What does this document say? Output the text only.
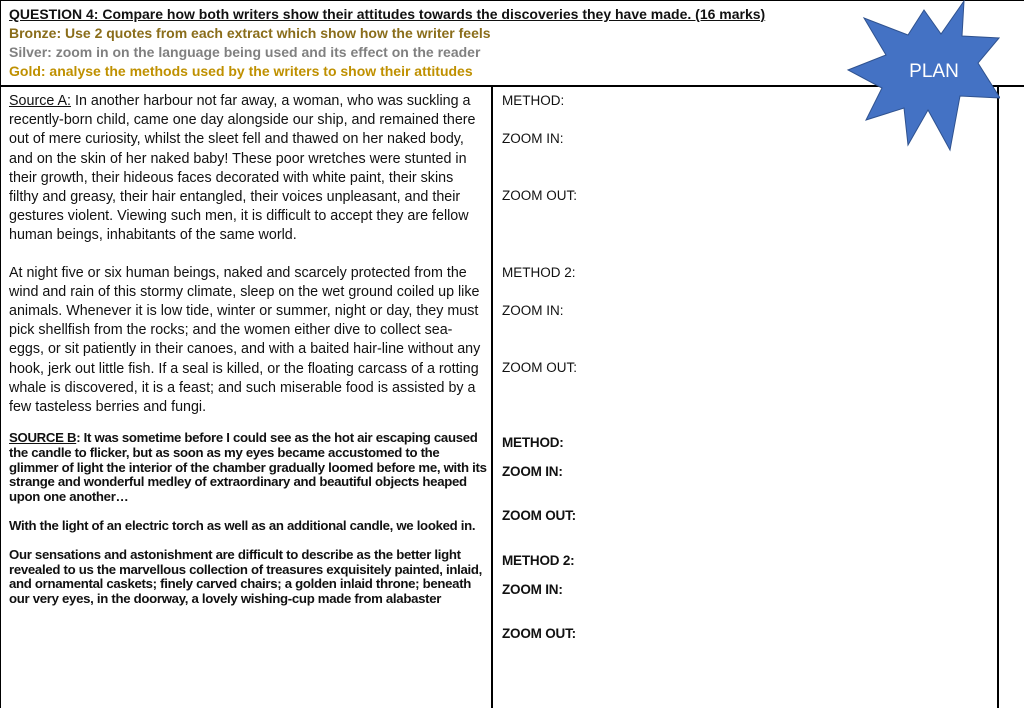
QUESTION 4: Compare how both writers show their attitudes towards the discoveries they have made. (16 marks)
Bronze: Use 2 quotes from each extract which show how the writer feels
Silver: zoom in on the language being used and its effect on the reader
Gold: analyse the methods used by the writers to show their attitudes

Source A: In another harbour not far away, a woman, who was suckling a recently-born child, came one day alongside our ship, and remained there out of mere curiosity, whilst the sleet fell and thawed on her naked body, and on the skin of her naked baby! These poor wretches were stunted in their growth, their hideous faces decorated with white paint, their skins filthy and greasy, their hair entangled, their voices unpleasant, and their gestures violent. Viewing such men, it is difficult to accept they are fellow human beings, inhabitants of the same world.

At night five or six human beings, naked and scarcely protected from the wind and rain of this stormy climate, sleep on the wet ground coiled up like animals. Whenever it is low tide, winter or summer, night or day, they must pick shellfish from the rocks; and the women either dive to collect sea-eggs, or sit patiently in their canoes, and with a baited hair-line without any hook, jerk out little fish. If a seal is killed, or the floating carcass of a rotting whale is discovered, it is a feast; and such miserable food is assisted by a few tasteless berries and fungi.

SOURCE B: It was sometime before I could see as the hot air escaping caused the candle to flicker, but as soon as my eyes became accustomed to the glimmer of light the interior of the chamber gradually loomed before me, with its strange and wonderful medley of extraordinary and beautiful objects heaped upon one another…

With the light of an electric torch as well as an additional candle, we looked in.

Our sensations and astonishment are difficult to describe as the better light revealed to us the marvellous collection of treasures exquisitely painted, inlaid, and ornamental caskets; finely carved chairs; a golden inlaid throne; beneath our very eyes, in the doorway, a lovely wishing-cup made from alabaster

METHOD:
ZOOM IN:
ZOOM OUT:
METHOD 2:
ZOOM IN:
ZOOM OUT:
METHOD:
ZOOM IN:
ZOOM OUT:
METHOD 2:
ZOOM IN:
ZOOM OUT:
PLAN
